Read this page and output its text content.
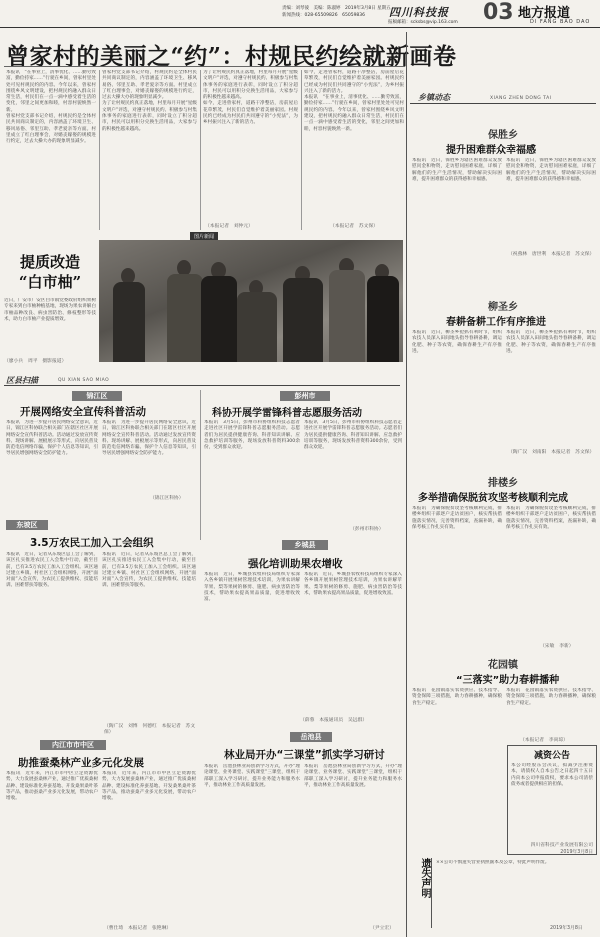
责编：刘琴彼　美编：陈淑婷　2019年3月8日 星期五
新闻热线：028-65509826　65059836	四川科技报
报稿邮箱：scksbs@vip.163.com 03 地方报道
DI FANG BAO DAO
曾家村的美丽之“约”：村规民约绘就新画卷
本报讯　“在事业上，清事优化、……勤劳致富，勤俭持家……”行驶在乡间，曾家村里处处可见村规民约的内容。今年以来，曾家村围绕乡风文明建设，把村规民约融入群众日常生活，村民们在一点一滴中感受着生活的变化，邻里之间更加和睦，村容村貌焕然一新。
曾家村党支部书记介绍，村规民约是全体村民共同商议制定的，内容涵盖了环境卫生、移风易俗、邻里互助、孝老爱亲等方面。村里成立了红白理事会，对婚丧嫁娶的规模进行约定，过去大操大办的现象明显减少。
曾家村党支部书记介绍，村规民约是全体村民共同商议制定的，内容涵盖了环境卫生、移风易俗、邻里互助、孝老爱亲等方面。村里成立了红白理事会，对婚丧嫁娶的规模进行约定，过去大操大办的现象明显减少。
为了让村规民约真正落地，村里每月开展“星级文明户”评选，对遵守村规民约、积极参与村集体事务的家庭进行表彰，同时设立了积分超市，村民可以用积分兑换生活用品，大家参与的积极性越来越高。
为了让村规民约真正落地，村里每月开展“星级文明户”评选，对遵守村规民约、积极参与村集体事务的家庭进行表彰，同时设立了积分超市，村民可以用积分兑换生活用品，大家参与的积极性越来越高。
如今，走进曾家村，道路干净整洁，房前屋后花草繁茂，村民们自觉维护着美丽家园。村规民约已经成为村民们共同遵守的“小宪法”，为乡村振兴注入了新的活力。
（本报记者　刘仲元）
如今，走进曾家村，道路干净整洁，房前屋后花草繁茂，村民们自觉维护着美丽家园。村规民约已经成为村民们共同遵守的“小宪法”，为乡村振兴注入了新的活力。
本报讯　“在事业上，清事优化、……勤劳致富，勤俭持家……”行驶在乡间，曾家村里处处可见村规民约的内容。今年以来，曾家村围绕乡风文明建设，把村规民约融入群众日常生活，村民们在一点一滴中感受着生活的变化，邻里之间更加和睦，村容村貌焕然一新。
（本报记者　苏文保）
图片新闻
提质改造
“白市柚”
近日，广安市广安区白市镇党委政府组织果树专家来到白市柚种植基地，现场为果农讲解白市柚品种改良、病虫害防治、修枝整形等技术，助力白市柚产业提质增效。
（廖小兵　周平　摄影报道）
区县扫描	QU XIAN SAO MIAO
锦江区
开展网络安全宣传科普活动
本报讯　为进一步提升居民网络安全意识，近日，锦江区科协联合相关部门在辖区社区开展网络安全宣传科普活动。活动通过发放宣传资料、现场讲解、展板展示等形式，向居民普及防范电信网络诈骗、保护个人信息等知识，引导居民增强网络安全防护能力。
本报讯　为进一步提升居民网络安全意识，近日，锦江区科协联合相关部门在辖区社区开展网络安全宣传科普活动。活动通过发放宣传资料、现场讲解、展板展示等形式，向居民普及防范电信网络诈骗、保护个人信息等知识，引导居民增强网络安全防护能力。
（锦江区科协）
彭州市
科协开展学雷锋科普志愿服务活动
本报讯　3月5日，彭州市科协组织科技志愿者走进社区开展学雷锋科普志愿服务活动。志愿者们为居民提供健康咨询、科普知识讲解、应急救护培训等服务，现场发放科普资料300余份，受到群众欢迎。
本报讯　3月5日，彭州市科协组织科技志愿者走进社区开展学雷锋科普志愿服务活动。志愿者们为居民提供健康咨询、科普知识讲解、应急救护培训等服务，现场发放科普资料300余份，受到群众欢迎。
（彭州市科协）
东坡区
3.5万农民工加入工会组织
本报讯　近日，记者从东坡区总工会了解到，该区扎实推进农民工入会集中行动，截至目前，已有3.5万农民工加入工会组织。该区通过建立乡镇、村社区工会组织网络，开展“面对面”入会宣传，为农民工提供维权、技能培训、困难帮扶等服务。
本报讯　近日，记者从东坡区总工会了解到，该区扎实推进农民工入会集中行动，截至目前，已有3.5万农民工加入工会组织。该区通过建立乡镇、村社区工会组织网络，开展“面对面”入会宣传，为农民工提供维权、技能培训、困难帮扶等服务。
（陶广汉　刘博　何德红　本报记者　苏文保）
乡城县
强化培训助果农增收
本报讯　近日，乡城县农牧科技局组织专家深入各乡镇开展果树管理技术培训，为果农讲解苹果、梨等果树的修剪、施肥、病虫害防治等技术，帮助果农提高果品质量，促进增收致富。
本报讯　近日，乡城县农牧科技局组织专家深入各乡镇开展果树管理技术培训，为果农讲解苹果、梨等果树的修剪、施肥、病虫害防治等技术，帮助果农提高果品质量，促进增收致富。
（薛蓉　本报通讯员　吴远群）
内江市市中区
助推蚕桑林产业多元化发展
本报讯　近年来，内江市市中区立足资源优势，大力发展蚕桑林产业，通过推广优质桑树品种、建设标准化养蚕基地、开发桑果桑叶茶等产品，推动蚕桑产业多元化发展，带动农户增收。
本报讯　近年来，内江市市中区立足资源优势，大力发展蚕桑林产业，通过推广优质桑树品种、建设标准化养蚕基地、开发桑果桑叶茶等产品，推动蚕桑产业多元化发展，带动农户增收。
（曹仕琦　本报记者　张艳琳）
岳池县
林业局开办“三课堂”抓实学习研讨
本报讯　岳池县林业局创新学习方式，开办“理论课堂、业务课堂、实践课堂”三课堂，组织干部职工深入学习研讨，提升业务能力和服务水平，推动林业工作高质量发展。
本报讯　岳池县林业局创新学习方式，开办“理论课堂、业务课堂、实践课堂”三课堂，组织干部职工深入学习研讨，提升业务能力和服务水平，推动林业工作高质量发展。
（尹立宏）
乡镇动态	XIANG ZHEN DONG TAI
保胜乡
提升困难群众幸福感
本报讯　近日，保胜乡为辖区困难群众发放慰问金和物资，走访慰问困难家庭，详细了解他们的生产生活情况，帮助解决实际困难，提升困难群众的获得感和幸福感。
本报讯　近日，保胜乡为辖区困难群众发放慰问金和物资，走访慰问困难家庭，详细了解他们的生产生活情况，帮助解决实际困难，提升困难群众的获得感和幸福感。
（祝燕林　唐世利　本报记者　苏文保）
柳圣乡
春耕备耕工作有序推进
本报讯　近日，柳圣乡抢抓有利时节，组织农技人员深入田间地头指导春耕备耕，调运化肥、种子等农资，确保春耕生产有序推进。
本报讯　近日，柳圣乡抢抓有利时节，组织农技人员深入田间地头指导春耕备耕，调运化肥、种子等农资，确保春耕生产有序推进。
（陶广汉　刘南阳　本报记者　苏文保）
排楼乡
多举措确保脱贫攻坚考核顺利完成
本报讯　为确保脱贫攻坚考核顺利完成，排楼乡组织干部逐户走访贫困户，核实帮扶措施落实情况，完善资料档案，查漏补缺，确保考核工作扎实有效。
本报讯　为确保脱贫攻坚考核顺利完成，排楼乡组织干部逐户走访贫困户，核实帮扶措施落实情况，完善资料档案，查漏补缺，确保考核工作扎实有效。
（宋敏　李新）
花园镇
“三落实”助力春耕播种
本报讯　花园镇落实农资供应、技术指导、资金保障三项措施，助力春耕播种，确保粮食生产稳定。
本报讯　花园镇落实农资供应、技术指导、资金保障三项措施，助力春耕播种，确保粮食生产稳定。
（本报记者　李尚琼）
减资公告
本公司经股东会决议，拟减少注册资本，请债权人自本公告之日起四十五日内向本公司申报债权，要求本公司清偿债务或者提供相应的担保。
四川省科技产业发展有限公司
2019年3月8日
遗失声明	××公司不慎遗失营业执照副本及公章，特此声明作废。
2019年3月8日
